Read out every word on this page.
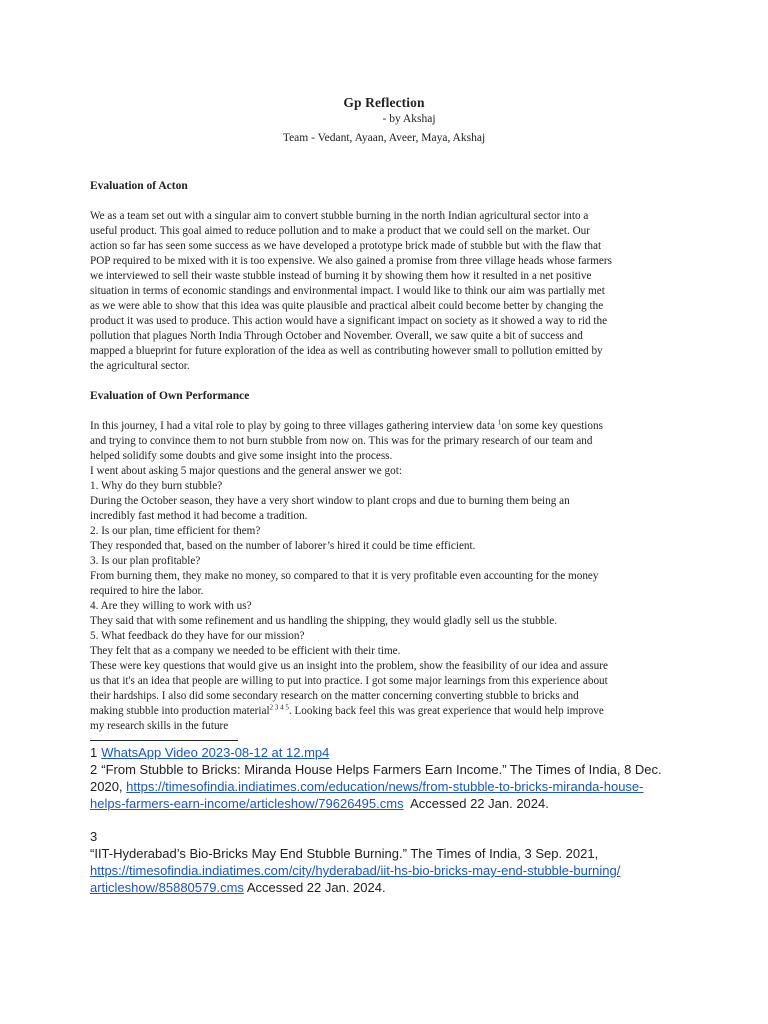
Gp Reflection
- by Akshaj
Team - Vedant, Ayaan, Aveer, Maya, Akshaj
Evaluation of Acton
We as a team set out with a singular aim to convert stubble burning in the north Indian agricultural sector into a
useful product. This goal aimed to reduce pollution and to make a product that we could sell on the market. Our
action so far has seen some success as we have developed a prototype brick made of stubble but with the flaw that
POP required to be mixed with it is too expensive. We also gained a promise from three village heads whose farmers
we interviewed to sell their waste stubble instead of burning it by showing them how it resulted in a net positive
situation in terms of economic standings and environmental impact. I would like to think our aim was partially met
as we were able to show that this idea was quite plausible and practical albeit could become better by changing the
product it was used to produce. This action would have a significant impact on society as it showed a way to rid the
pollution that plagues North India Through October and November. Overall, we saw quite a bit of success and
mapped a blueprint for future exploration of the idea as well as contributing however small to pollution emitted by
the agricultural sector.
Evaluation of Own Performance
In this journey, I had a vital role to play by going to three villages gathering interview data $^1$on some key questions
and trying to convince them to not burn stubble from now on. This was for the primary research of our team and
helped solidify some doubts and give some insight into the process.
I went about asking 5 major questions and the general answer we got:
1. Why do they burn stubble?
During the October season, they have a very short window to plant crops and due to burning them being an
incredibly fast method it had become a tradition.
2. Is our plan, time efficient for them?
They responded that, based on the number of laborer’s hired it could be time efficient.
3. Is our plan profitable?
From burning them, they make no money, so compared to that it is very profitable even accounting for the money
required to hire the labor.
4. Are they willing to work with us?
They said that with some refinement and us handling the shipping, they would gladly sell us the stubble.
5. What feedback do they have for our mission?
They felt that as a company we needed to be efficient with their time.
These were key questions that would give us an insight into the problem, show the feasibility of our idea and assure
us that it's an idea that people are willing to put into practice. I got some major learnings from this experience about
their hardships. I also did some secondary research on the matter concerning converting stubble to bricks and
making stubble into production material$^{2 3 4 5}$. Looking back feel this was great experience that would help improve
my research skills in the future
1 WhatsApp Video 2023-08-12 at 12.mp4
2 “From Stubble to Bricks: Miranda House Helps Farmers Earn Income.” The Times of India, 8 Dec.
2020, https://timesofindia.indiatimes.com/education/news/from-stubble-to-bricks-miranda-house-
helps-farmers-earn-income/articleshow/79626495.cms  Accessed 22 Jan. 2024.
3
“IIT-Hyderabad’s Bio-Bricks May End Stubble Burning.” The Times of India, 3 Sep. 2021,
https://timesofindia.indiatimes.com/city/hyderabad/iit-hs-bio-bricks-may-end-stubble-burning/
articleshow/85880579.cms Accessed 22 Jan. 2024.
